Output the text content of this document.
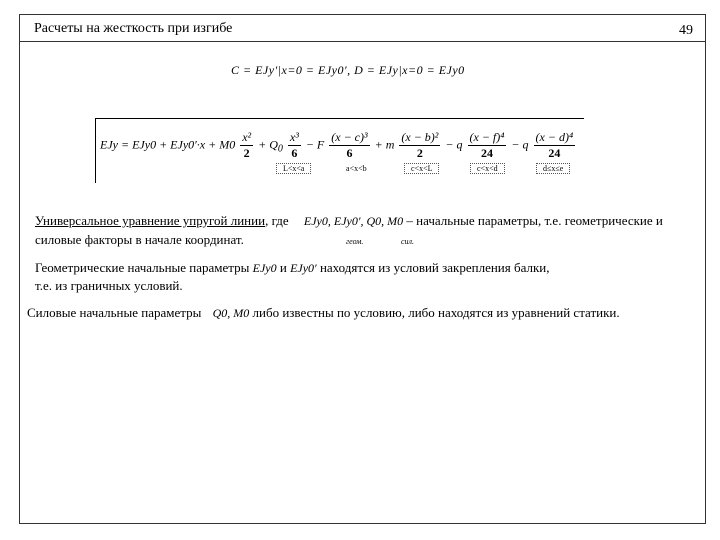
Расчеты на жесткость при изгибе	49
C = EJy′|x=0 = EJy0′, D = EJy|x=0 = EJy0
EJy = $EJy0 + EJy0'\cdot x + M0 \frac{\text{x²}}{2} + Q_0 \frac{\text{x³}}{6} - F \frac{\text{(x − c)³}}{6} + m \frac{\text{(x − b)²}}{2} - q \frac{\text{(x − f)⁴}}{24} - q \frac{\text{(x − d)⁴}}{24}$
L<x<a	a<x<b	c<x<L	c<x<d	d≤x≤e
Универсальное уравнение упругой линии, где EJy0, EJy0′, Q0, M0 – начальные параметры, т.е. геометрические и
силовые факторы в начале координат.	геом.	сил.
Геометрические начальные параметры EJy0 и EJy0′ находятся из условий закрепления балки,
т.е. из граничных условий.
Силовые начальные параметры Q0, M0 либо известны по условию, либо находятся из уравнений статики.
